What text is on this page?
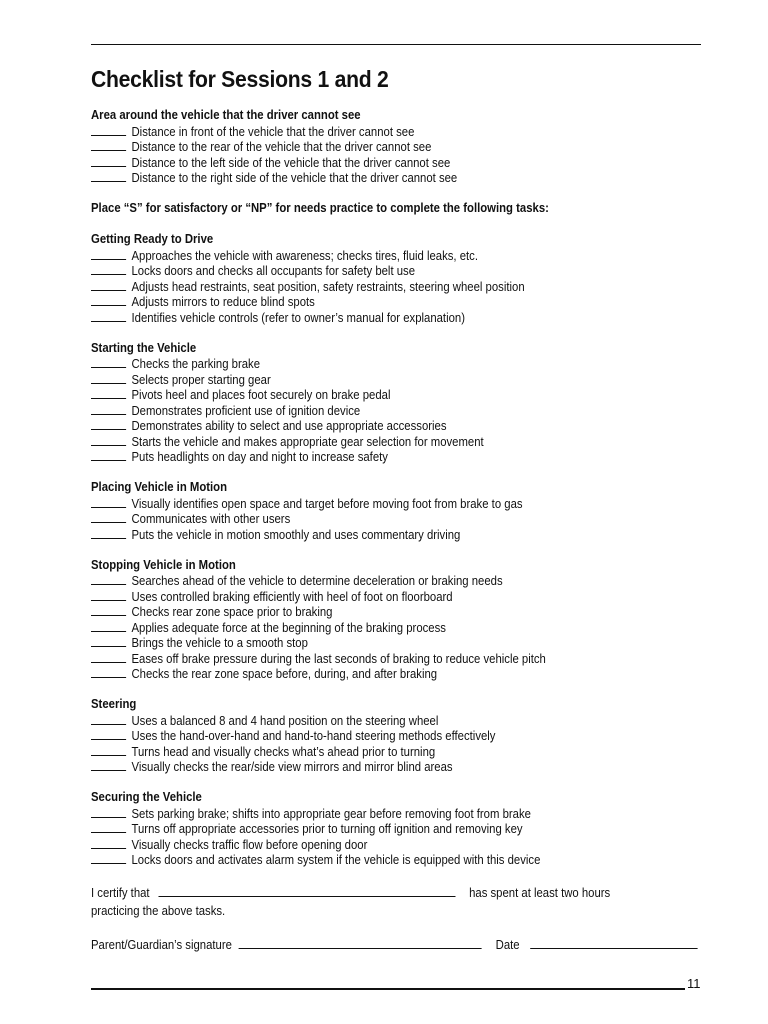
Checklist for Sessions 1 and 2
Area around the vehicle that the driver cannot see
Distance in front of the vehicle that the driver cannot see
Distance to the rear of the vehicle that the driver cannot see
Distance to the left side of the vehicle that the driver cannot see
Distance to the right side of the vehicle that the driver cannot see
Place “S” for satisfactory or “NP” for needs practice to complete the following tasks:
Getting Ready to Drive
Approaches the vehicle with awareness; checks tires, fluid leaks, etc.
Locks doors and checks all occupants for safety belt use
Adjusts head restraints, seat position, safety restraints, steering wheel position
Adjusts mirrors to reduce blind spots
Identifies vehicle controls (refer to owner’s manual for explanation)
Starting the Vehicle
Checks the parking brake
Selects proper starting gear
Pivots heel and places foot securely on brake pedal
Demonstrates proficient use of ignition device
Demonstrates ability to select and use appropriate accessories
Starts the vehicle and makes appropriate gear selection for movement
Puts headlights on day and night to increase safety
Placing Vehicle in Motion
Visually identifies open space and target before moving foot from brake to gas
Communicates with other users
Puts the vehicle in motion smoothly and uses commentary driving
Stopping Vehicle in Motion
Searches ahead of the vehicle to determine deceleration or braking needs
Uses controlled braking efficiently with heel of foot on floorboard
Checks rear zone space prior to braking
Applies adequate force at the beginning of the braking process
Brings the vehicle to a smooth stop
Eases off brake pressure during the last seconds of braking to reduce vehicle pitch
Checks the rear zone space before, during, and after braking
Steering
Uses a balanced 8 and 4 hand position on the steering wheel
Uses the hand-over-hand and hand-to-hand steering methods effectively
Turns head and visually checks what’s ahead prior to turning
Visually checks the rear/side view mirrors and mirror blind areas
Securing the Vehicle
Sets parking brake; shifts into appropriate gear before removing foot from brake
Turns off appropriate accessories prior to turning off ignition and removing key
Visually checks traffic flow before opening door
Locks doors and activates alarm system if the vehicle is equipped with this device
I certify that	has spent at least two hours
practicing the above tasks.
Parent/Guardian’s signature	Date
11
